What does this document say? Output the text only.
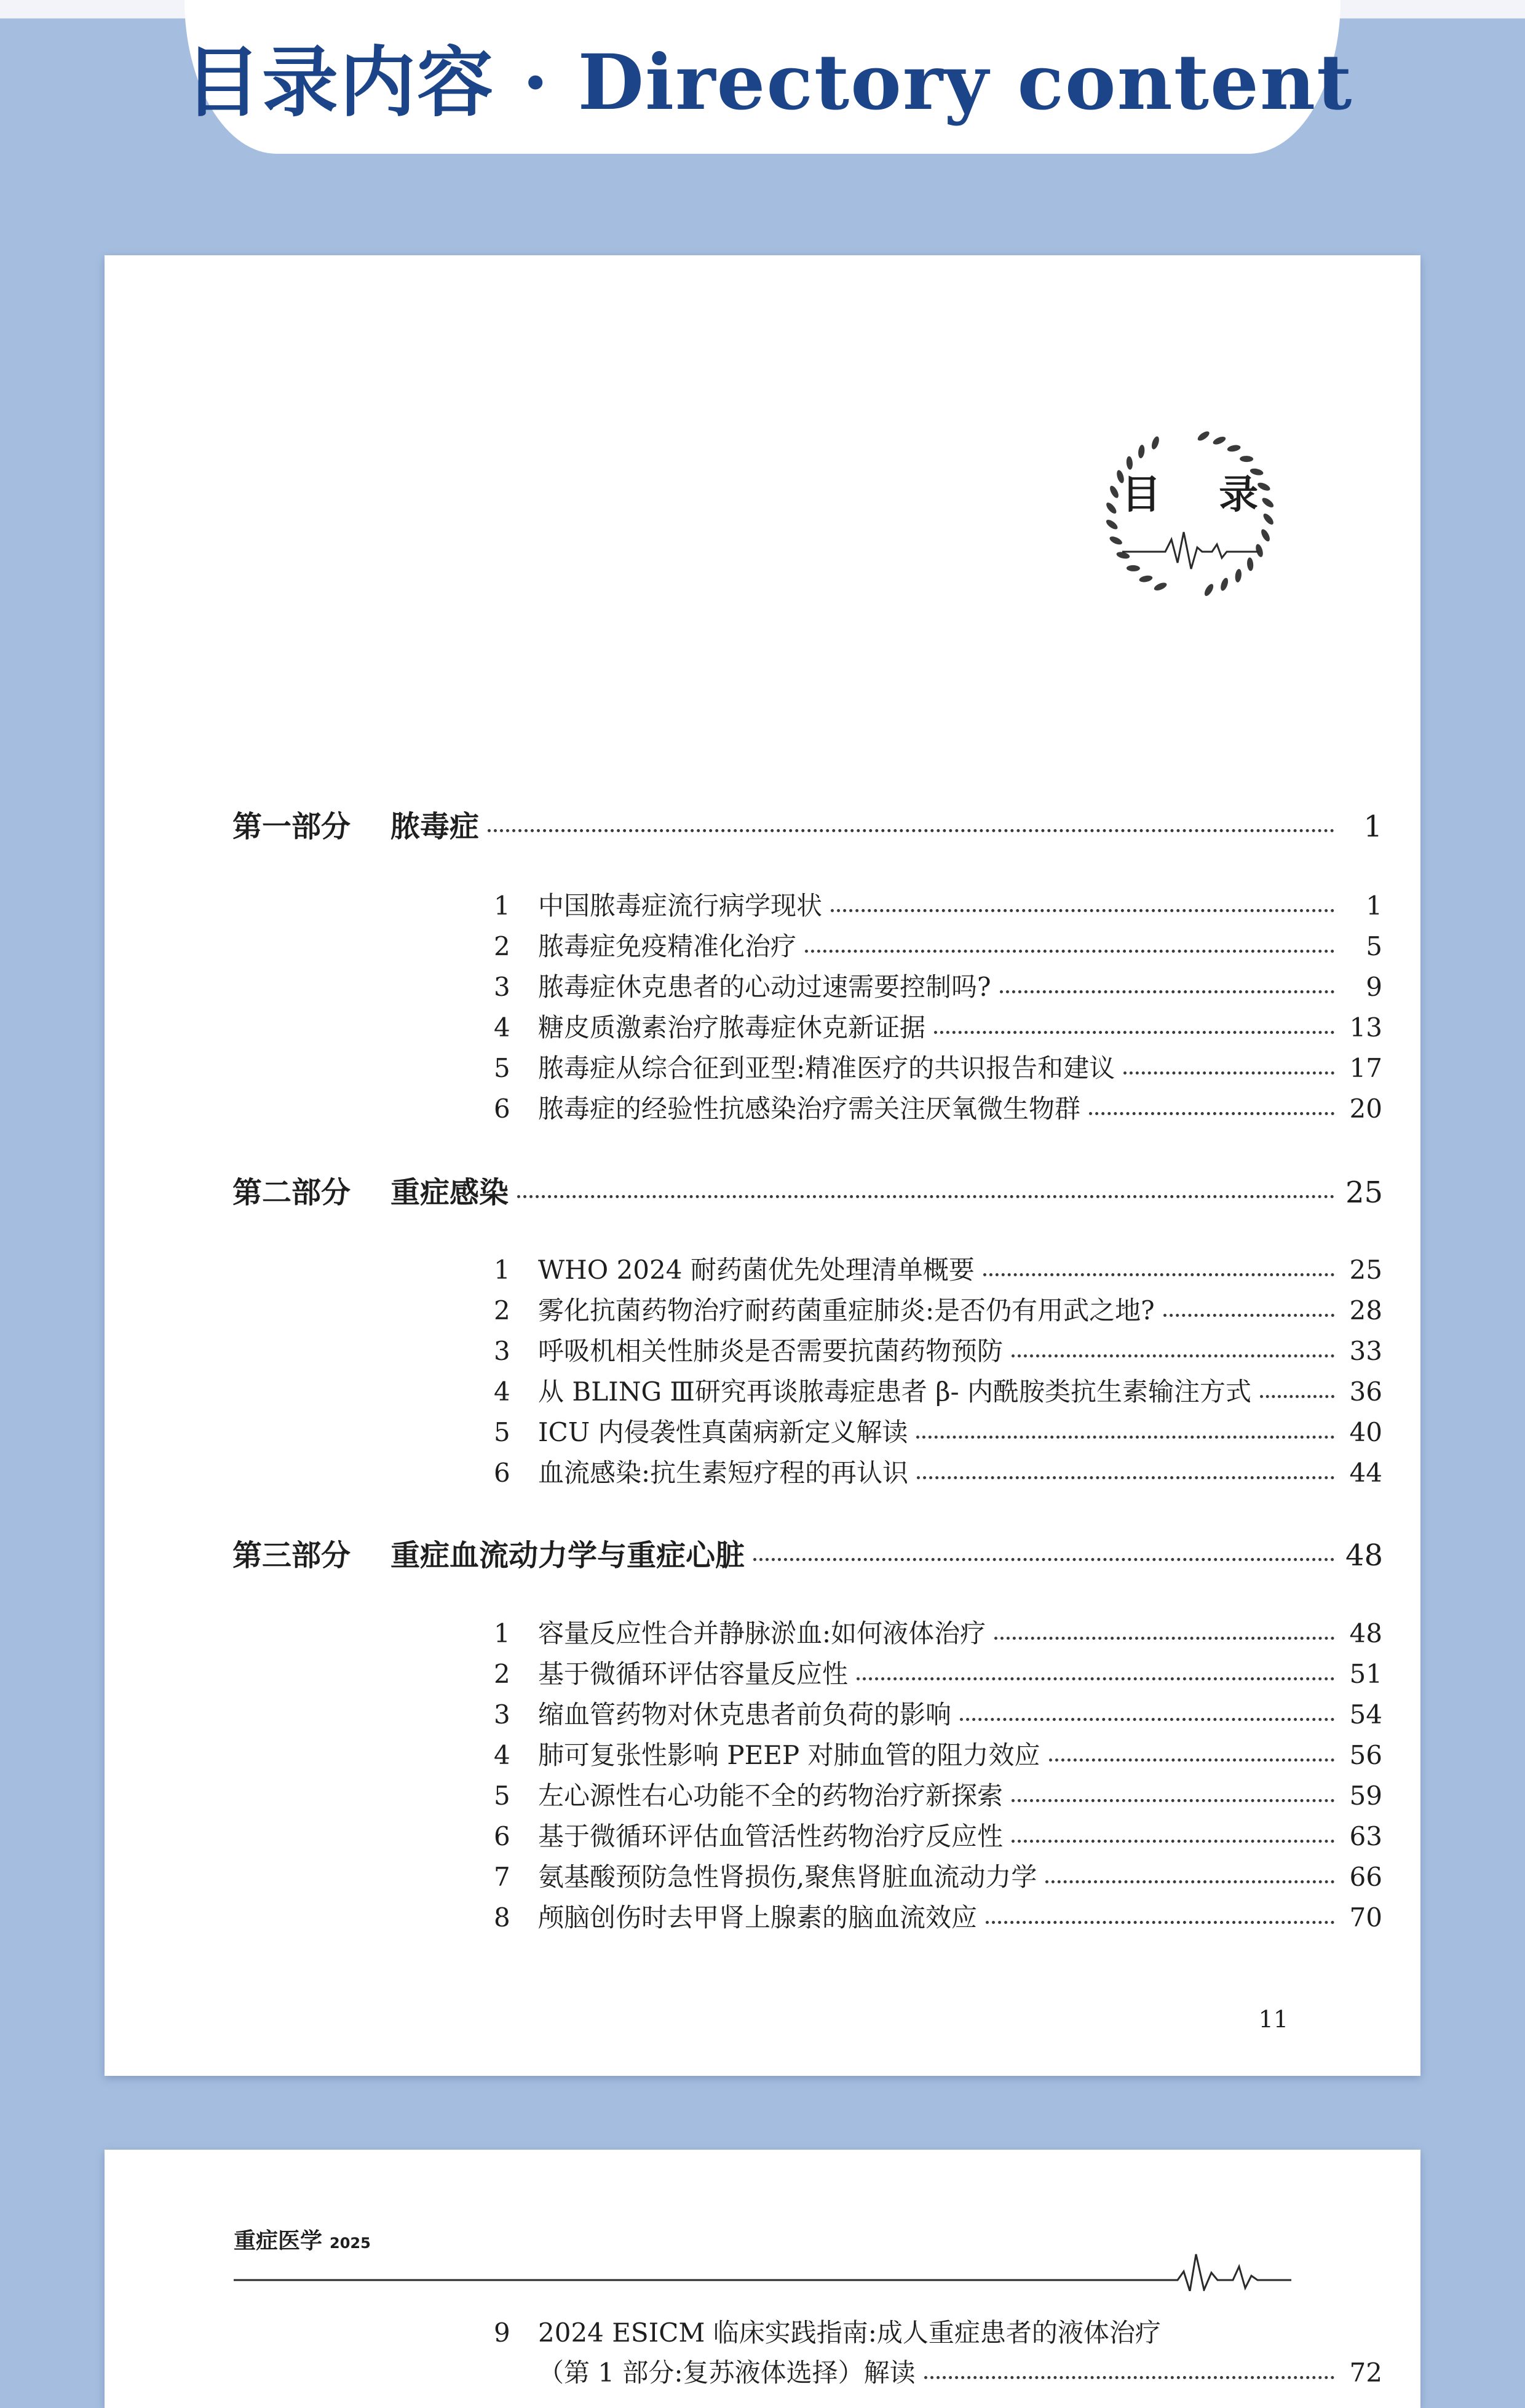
目录内容 · Directory content
目 录
第一部分	脓毒症	1
1	中国脓毒症流行病学现状	1
2	脓毒症免疫精准化治疗	5
3	脓毒症休克患者的心动过速需要控制吗?	9
4	糖皮质激素治疗脓毒症休克新证据	13
5	脓毒症从综合征到亚型:精准医疗的共识报告和建议	17
6	脓毒症的经验性抗感染治疗需关注厌氧微生物群	20
第二部分	重症感染	25
1	WHO 2024 耐药菌优先处理清单概要	25
2	雾化抗菌药物治疗耐药菌重症肺炎:是否仍有用武之地?	28
3	呼吸机相关性肺炎是否需要抗菌药物预防	33
4	从 BLING Ⅲ研究再谈脓毒症患者 β- 内酰胺类抗生素输注方式	36
5	ICU 内侵袭性真菌病新定义解读	40
6	血流感染:抗生素短疗程的再认识	44
第三部分	重症血流动力学与重症心脏	48
1	容量反应性合并静脉淤血:如何液体治疗	48
2	基于微循环评估容量反应性	51
3	缩血管药物对休克患者前负荷的影响	54
4	肺可复张性影响 PEEP 对肺血管的阻力效应	56
5	左心源性右心功能不全的药物治疗新探索	59
6	基于微循环评估血管活性药物治疗反应性	63
7	氨基酸预防急性肾损伤,聚焦肾脏血流动力学	66
8	颅脑创伤时去甲肾上腺素的脑血流效应	70
11
重症医学 2025
9	2024 ESICM 临床实践指南:成人重症患者的液体治疗
（第 1 部分:复苏液体选择）解读	72
